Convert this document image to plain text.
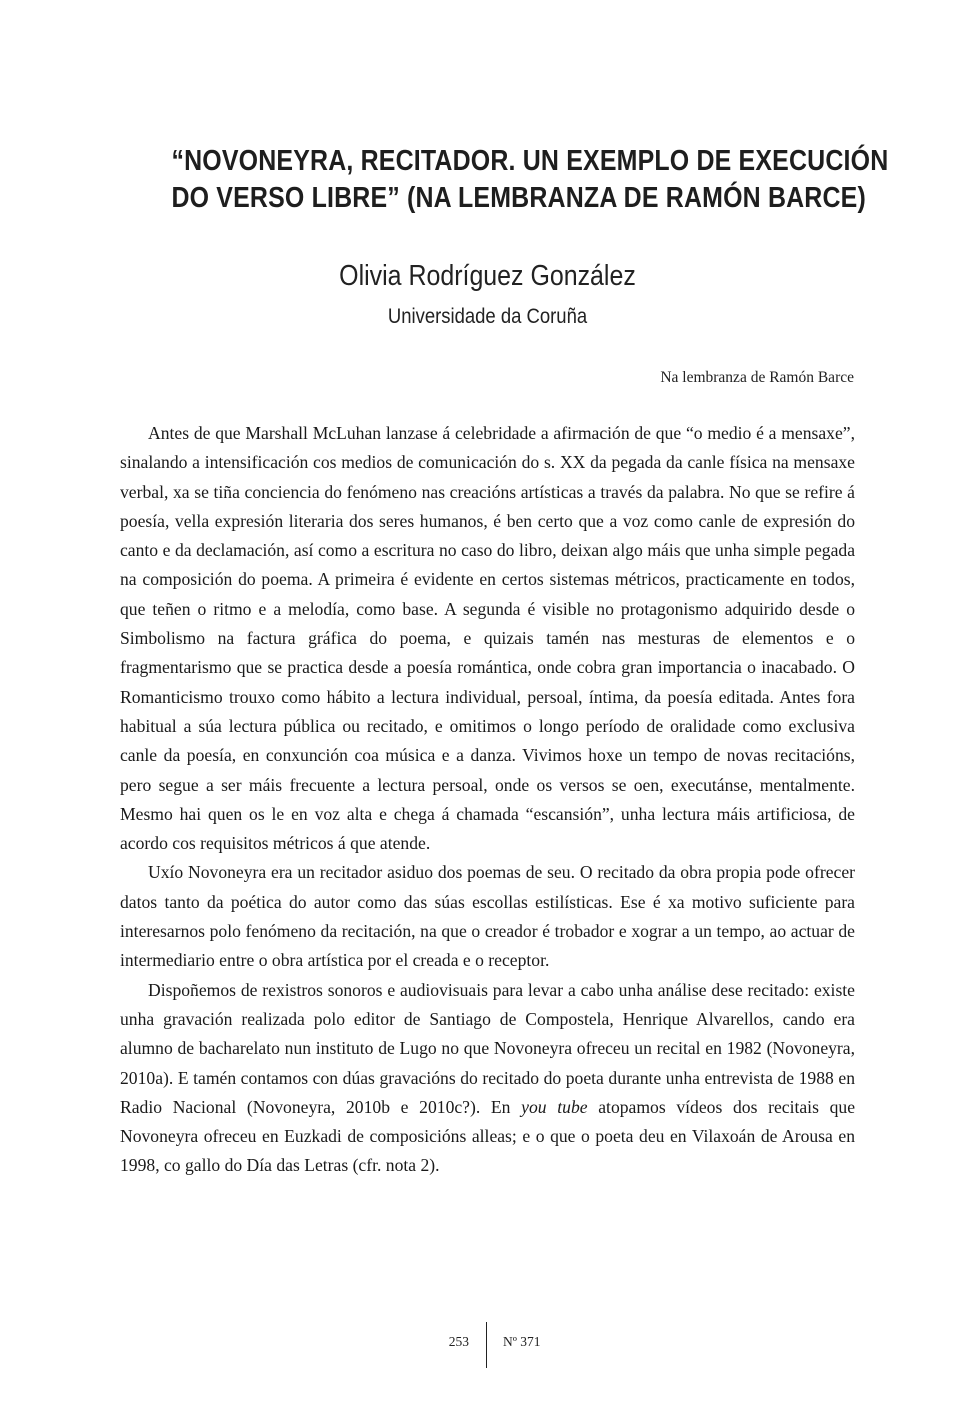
“NOVONEYRA, RECITADOR. UN EXEMPLO DE EXECUCIÓN
DO VERSO LIBRE” (NA LEMBRANZA DE RAMÓN BARCE)
Olivia Rodríguez González
Universidade da Coruña
Na lembranza de Ramón Barce

Antes de que Marshall McLuhan lanzase á celebridade a afirmación de que “o medio é a mensaxe”, sinalando a intensificación cos medios de comunicación do s. XX da pegada da canle física na mensaxe verbal, xa se tiña conciencia do fenómeno nas creacións artísticas a través da palabra. No que se refire á poesía, vella expresión literaria dos seres humanos, é ben certo que a voz como canle de expresión do canto e da declamación, así como a escritura no caso do libro, deixan algo máis que unha simple pegada na composición do poema. A primeira é evidente en certos sistemas métricos, practicamente en todos, que teñen o ritmo e a melodía, como base. A segunda é visible no protagonismo adquirido desde o Simbolismo na factura gráfica do poema, e quizais tamén nas mesturas de elementos e o fragmentarismo que se practica desde a poesía romántica, onde cobra gran importancia o inacabado. O Romanticismo trouxo como hábito a lectura individual, persoal, íntima, da poesía editada. Antes fora habitual a súa lectura pública ou recitado, e omitimos o longo período de oralidade como exclusiva canle da poesía, en conxunción coa música e a danza. Vivimos hoxe un tempo de novas recitacións, pero segue a ser máis frecuente a lectura persoal, onde os versos se oen, executánse, mentalmente. Mesmo hai quen os le en voz alta e chega á chamada “escansión”, unha lectura máis artificiosa, de acordo cos requisitos métricos á que atende.

Uxío Novoneyra era un recitador asiduo dos poemas de seu. O recitado da obra propia pode ofrecer datos tanto da poética do autor como das súas escollas estilísticas. Ese é xa motivo suficiente para interesarnos polo fenómeno da recitación, na que o creador é trobador e xograr a un tempo, ao actuar de intermediario entre o obra artística por el creada e o receptor.

Dispoñemos de rexistros sonoros e audiovisuais para levar a cabo unha análise dese recitado: existe unha gravación realizada polo editor de Santiago de Compostela, Henrique Alvarellos, cando era alumno de bacharelato nun instituto de Lugo no que Novoneyra ofreceu un recital en 1982 (Novoneyra, 2010a). E tamén contamos con dúas gravacións do recitado do poeta durante unha entrevista de 1988 en Radio Nacional (Novoneyra, 2010b e 2010c?). En you tube atopamos vídeos dos recitais que Novoneyra ofreceu en Euzkadi de composicións alleas; e o que o poeta deu en Vilaxoán de Arousa en 1998, co gallo do Día das Letras (cfr. nota 2).

253	Nº 371
